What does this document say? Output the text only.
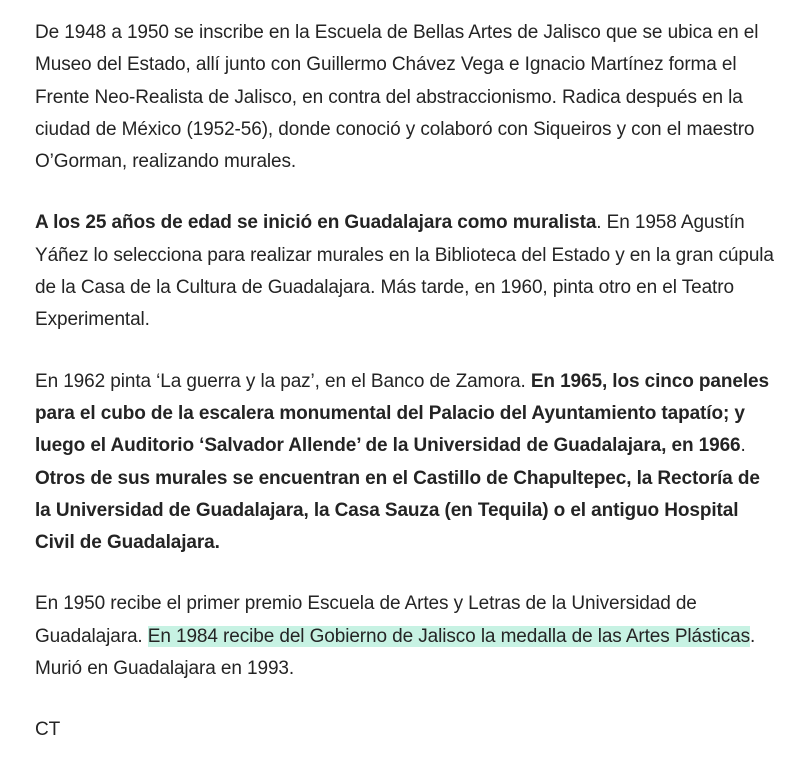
De 1948 a 1950 se inscribe en la Escuela de Bellas Artes de Jalisco que se ubica en el Museo del Estado, allí junto con Guillermo Chávez Vega e Ignacio Martínez forma el Frente Neo-Realista de Jalisco, en contra del abstraccionismo. Radica después en la ciudad de México (1952-56), donde conoció y colaboró con Siqueiros y con el maestro O’Gorman, realizando murales.

A los 25 años de edad se inició en Guadalajara como muralista. En 1958 Agustín Yáñez lo selecciona para realizar murales en la Biblioteca del Estado y en la gran cúpula de la Casa de la Cultura de Guadalajara. Más tarde, en 1960, pinta otro en el Teatro Experimental.

En 1962 pinta ‘La guerra y la paz’, en el Banco de Zamora. En 1965, los cinco paneles para el cubo de la escalera monumental del Palacio del Ayuntamiento tapatío; y luego el Auditorio ‘Salvador Allende’ de la Universidad de Guadalajara, en 1966. Otros de sus murales se encuentran en el Castillo de Chapultepec, la Rectoría de la Universidad de Guadalajara, la Casa Sauza (en Tequila) o el antiguo Hospital Civil de Guadalajara.

En 1950 recibe el primer premio Escuela de Artes y Letras de la Universidad de Guadalajara. En 1984 recibe del Gobierno de Jalisco la medalla de las Artes Plásticas. Murió en Guadalajara en 1993.

CT
